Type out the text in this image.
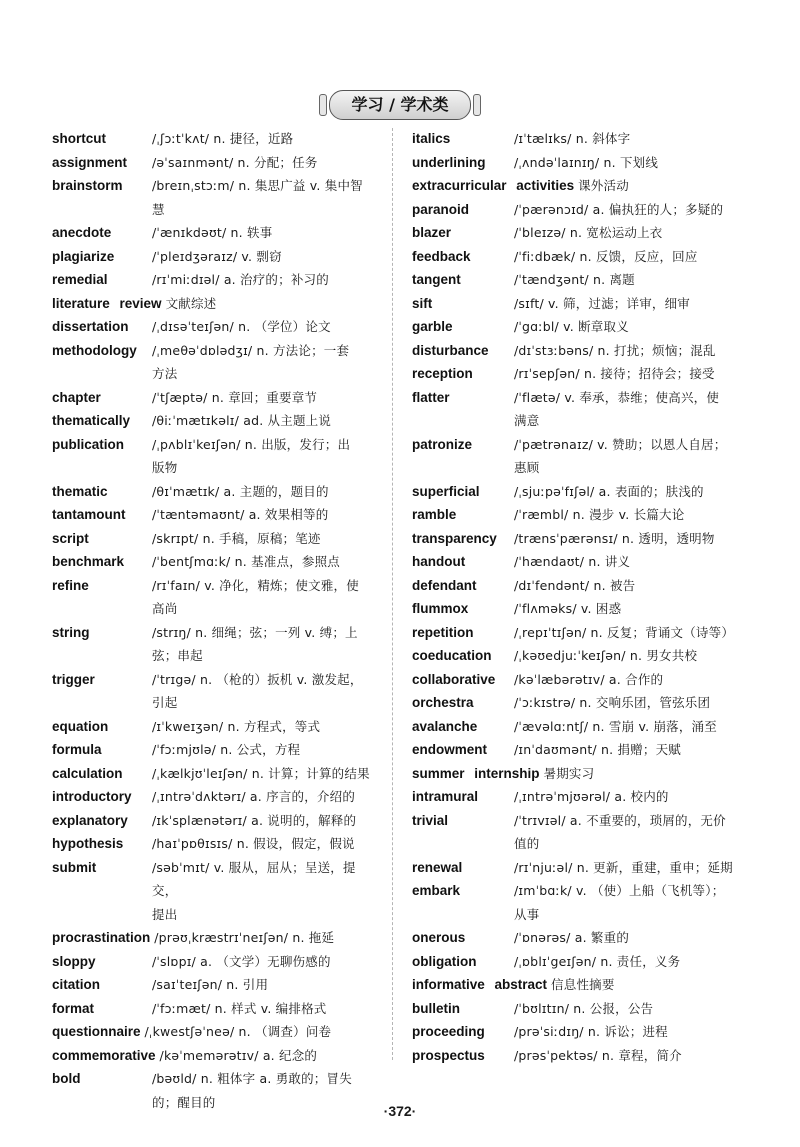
学习 / 学术类
shortcut	/ˌʃɔːtˈkʌt/ n. 捷径，近路
assignment	/əˈsaɪnmənt/ n. 分配；任务
brainstorm	/breɪnˌstɔːm/ n. 集思广益 v. 集中智慧
anecdote	/ˈænɪkdəʊt/ n. 轶事
plagiarize	/ˈpleɪdʒəraɪz/ v. 剽窃
remedial	/rɪˈmiːdɪəl/ a. 治疗的；补习的
literature review 文献综述
dissertation	/ˌdɪsəˈteɪʃən/ n. （学位）论文
methodology	/ˌmeθəˈdɒlədʒɪ/ n. 方法论；一套
方法
chapter	/ˈtʃæptə/ n. 章回；重要章节
thematically	/θiːˈmætɪkəlɪ/ ad. 从主题上说
publication	/ˌpʌblɪˈkeɪʃən/ n. 出版，发行；出
版物
thematic	/θɪˈmætɪk/ a. 主题的，题目的
tantamount	/ˈtæntəmaʊnt/ a. 效果相等的
script	/skrɪpt/ n. 手稿，原稿；笔迹
benchmark	/ˈbentʃmɑːk/ n. 基准点，参照点
refine	/rɪˈfaɪn/ v. 净化，精炼；使文雅，使
高尚
string	/strɪŋ/ n. 细绳；弦；一列 v. 缚；上
弦；串起
trigger	/ˈtrɪgə/ n. （枪的）扳机 v. 激发起，
引起
equation	/ɪˈkweɪʒən/ n. 方程式，等式
formula	/ˈfɔːmjʊlə/ n. 公式，方程
calculation	/ˌkælkjʊˈleɪʃən/ n. 计算；计算的结果
introductory	/ˌɪntrəˈdʌktərɪ/ a. 序言的，介绍的
explanatory	/ɪkˈsplænətərɪ/ a. 说明的，解释的
hypothesis	/haɪˈpɒθɪsɪs/ n. 假设，假定，假说
submit	/səbˈmɪt/ v. 服从，屈从；呈送，提交，
提出
procrastination /prəʊˌkræstrɪˈneɪʃən/ n. 拖延
sloppy	/ˈslɒpɪ/ a. （文学）无聊伤感的
citation	/saɪˈteɪʃən/ n. 引用
format	/ˈfɔːmæt/ n. 样式 v. 编排格式
questionnaire /ˌkwestʃəˈneə/ n. （调查）问卷
commemorative /kəˈmemərətɪv/ a. 纪念的
bold	/bəʊld/ n. 粗体字 a. 勇敢的；冒失
的；醒目的
italics	/ɪˈtælɪks/ n. 斜体字
underlining	/ˌʌndəˈlaɪnɪŋ/ n. 下划线
extracurricular activities 课外活动
paranoid	/ˈpærənɔɪd/ a. 偏执狂的人；多疑的
blazer	/ˈbleɪzə/ n. 宽松运动上衣
feedback	/ˈfiːdbæk/ n. 反馈，反应，回应
tangent	/ˈtændʒənt/ n. 离题
sift	/sɪft/ v. 筛，过滤；详审，细审
garble	/ˈgɑːbl/ v. 断章取义
disturbance	/dɪˈstɜːbəns/ n. 打扰；烦恼；混乱
reception	/rɪˈsepʃən/ n. 接待；招待会；接受
flatter	/ˈflætə/ v. 奉承，恭维；使高兴，使
满意
patronize	/ˈpætrənaɪz/ v. 赞助；以恩人自居；
惠顾
superficial	/ˌsjuːpəˈfɪʃəl/ a. 表面的；肤浅的
ramble	/ˈræmbl/ n. 漫步 v. 长篇大论
transparency	/trænsˈpærənsɪ/ n. 透明，透明物
handout	/ˈhændaʊt/ n. 讲义
defendant	/dɪˈfendənt/ n. 被告
flummox	/ˈflʌməks/ v. 困惑
repetition	/ˌrepɪˈtɪʃən/ n. 反复；背诵文（诗等）
coeducation	/ˌkəʊedjuːˈkeɪʃən/ n. 男女共校
collaborative	/kəˈlæbərətɪv/ a. 合作的
orchestra	/ˈɔːkɪstrə/ n. 交响乐团，管弦乐团
avalanche	/ˈævəlɑːntʃ/ n. 雪崩 v. 崩落，涌至
endowment	/ɪnˈdaʊmənt/ n. 捐赠；天赋
summer internship 暑期实习
intramural	/ˌɪntrəˈmjʊərəl/ a. 校内的
trivial	/ˈtrɪvɪəl/ a. 不重要的，琐屑的，无价
值的
renewal	/rɪˈnjuːəl/ n. 更新，重建，重申；延期
embark	/ɪmˈbɑːk/ v. （使）上船（飞机等）；
从事
onerous	/ˈɒnərəs/ a. 繁重的
obligation	/ˌɒblɪˈgeɪʃən/ n. 责任，义务
informative abstract 信息性摘要
bulletin	/ˈbʊlɪtɪn/ n. 公报，公告
proceeding	/prəˈsiːdɪŋ/ n. 诉讼；进程
prospectus	/prəsˈpektəs/ n. 章程，简介
·372·
